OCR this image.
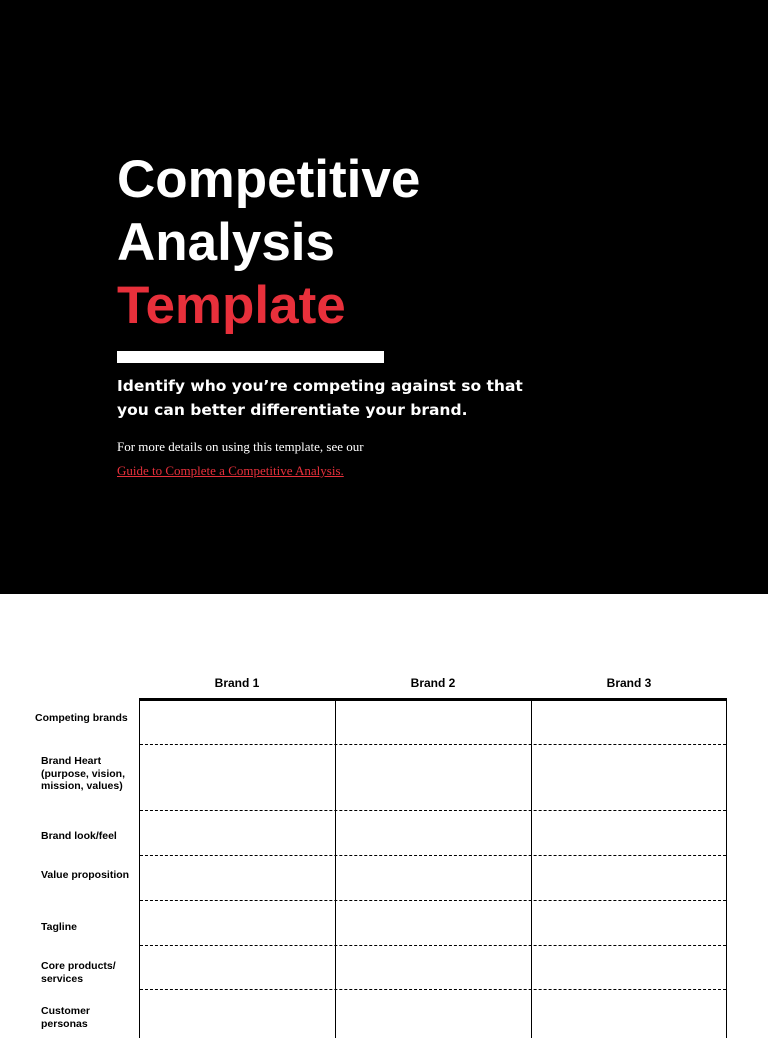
Competitive
Analysis
Template

Identify who you’re competing against so that you can better differentiate your brand.

For more details on using this template, see our Guide to Complete a Competitive Analysis.

Brand 1	Brand 2	Brand 3
Competing brands
Brand Heart (purpose, vision, mission, values)
Brand look/feel
Value proposition
Tagline
Core products/ services
Customer personas
